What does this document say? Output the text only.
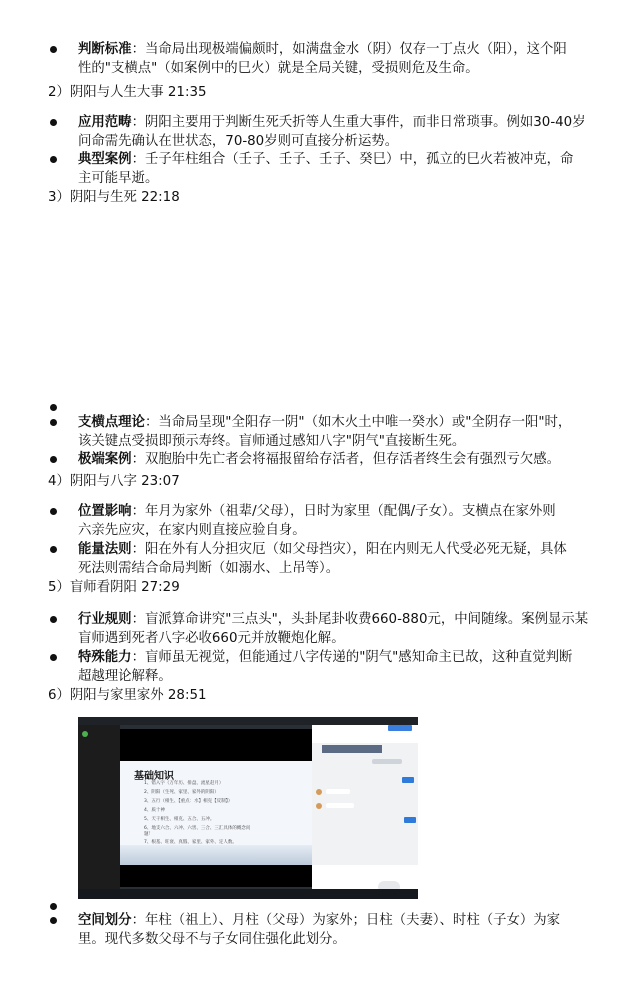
判断标准：当命局出现极端偏颇时，如满盘金水（阴）仅存一丁点火（阳），这个阳
性的"支横点"（如案例中的巳火）就是全局关键，受损则危及生命。
2）阴阳与人生大事 21:35
应用范畴：阴阳主要用于判断生死夭折等人生重大事件，而非日常琐事。例如30-40岁
问命需先确认在世状态，70-80岁则可直接分析运势。
典型案例：壬子年柱组合（壬子、壬子、壬子、癸巳）中，孤立的巳火若被冲克，命
主可能早逝。
3）阴阳与生死 22:18
支横点理论：当命局呈现"全阳存一阴"（如木火土中唯一癸水）或"全阴存一阳"时，
该关键点受损即预示寿终。盲师通过感知八字"阴气"直接断生死。
极端案例：双胞胎中先亡者会将福报留给存活者，但存活者终生会有强烈亏欠感。
4）阴阳与八字 23:07
位置影响：年月为家外（祖辈/父母），日时为家里（配偶/子女）。支横点在家外则
六亲先应灾，在家内则直接应验自身。
能量法则：阳在外有人分担灾厄（如父母挡灾），阳在内则无人代受必死无疑，具体
死法则需结合命局判断（如溺水、上吊等）。
5）盲师看阴阳 27:29
行业规则：盲派算命讲究"三点头"，头卦尾卦收费660-880元，中间随缘。案例显示某
盲师遇到死者八字必收660元并放鞭炮化解。
特殊能力：盲师虽无视觉，但能通过八字传递的"阴气"感知命主已故，这种直觉判断
超越理论解释。
6）阴阳与家里家外 28:51
基础知识
1、错入字（万年历、排盘、流星赶月）
2、阴阳（生死、家里、家外的阴阳）
3、五行（相生、【重点：水】相克【反制】）
4、质十神
5、天干相生、相克、五合、五冲。
6、地支六合、六冲、六害、三合、三汇具体的概念问
题！
7、根基、旺衰、真假、家里、家外、定人数。
空间划分：年柱（祖上）、月柱（父母）为家外；日柱（夫妻）、时柱（子女）为家
里。现代多数父母不与子女同住强化此划分。
